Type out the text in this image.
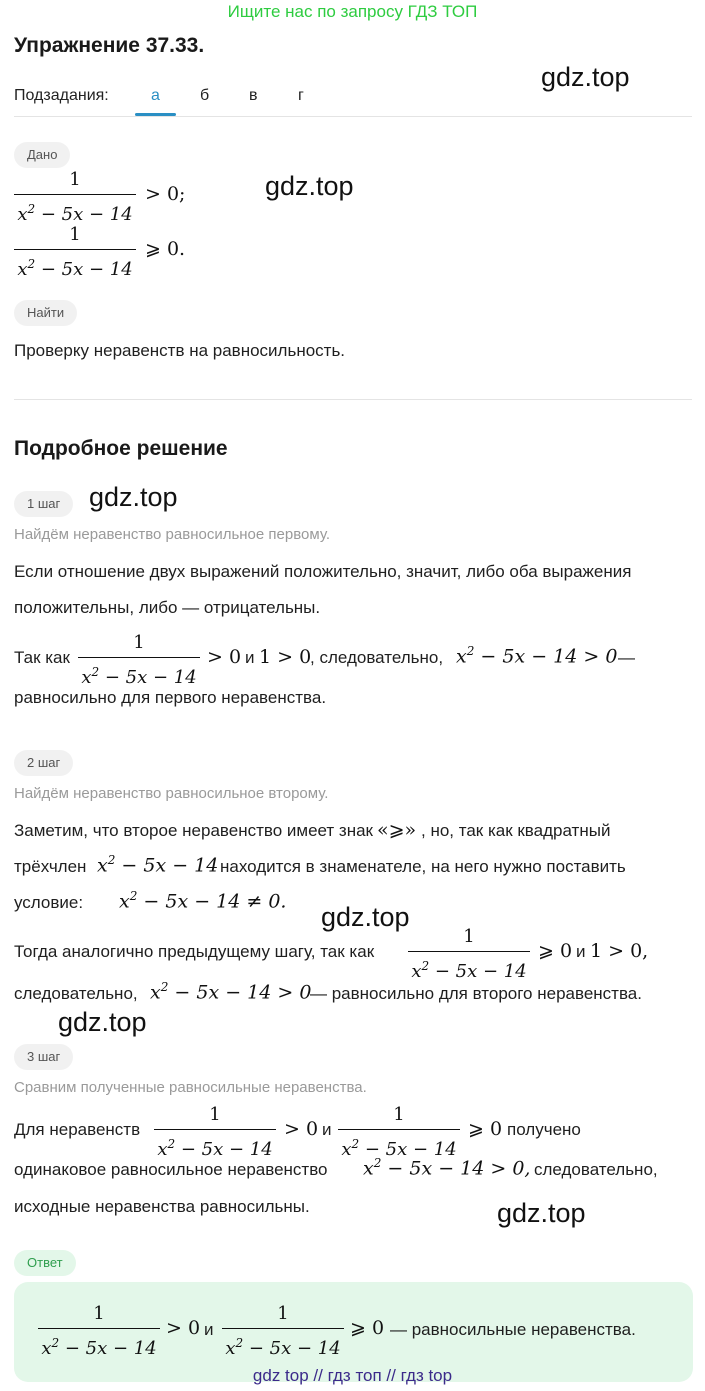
Ищите нас по запросу ГДЗ ТОП
Упражнение 37.33.
gdz.top
Подзадания:	а	б в	г
Дано
1
$x^2 - 5x - 14$
> 0;	gdz.top
1
$x^2 - 5x - 14$
⩾ 0.
Найти
Проверку неравенств на равносильность.
Подробное решение
1 шаг	gdz.top
Найдём неравенство равносильное первому.
Если отношение двух выражений положительно, значит, либо оба выражения
положительны, либо — отрицательны.
Так как
1
$x^2 - 5x - 14$
> 0 и 1 > 0
, следовательно, $x^2 - 5x - 14 > 0$ —
равносильно для первого неравенства.
2 шаг
Найдём неравенство равносильное второму.
Заметим, что второе неравенство имеет знак «⩾» , но, так как квадратный
трёхчлен $x^2 - 5x - 14$ находится в знаменателе, на него нужно поставить
условие: $x^2 - 5x - 14 \ne 0$.
gdz.top
Тогда аналогично предыдущему шагу, так как
1
$x^2 - 5x - 14$
⩾ 0 и 1 > 0,
следовательно, $x^2 - 5x - 14 > 0$
— равносильно для второго неравенства.
gdz.top
3 шаг
Сравним полученные равносильные неравенства.
Для неравенств
1
$x^2 - 5x - 14$
> 0 и
1
$x^2 - 5x - 14$
⩾ 0 получено
одинаковое равносильное неравенство $x^2 - 5x - 14 > 0$, следовательно,
исходные неравенства равносильны.	gdz.top
Ответ
1
$x^2 - 5x - 14$
> 0 и
1
$x^2 - 5x - 14$
⩾ 0 — равносильные неравенства.
gdz top // гдз топ // гдз top
